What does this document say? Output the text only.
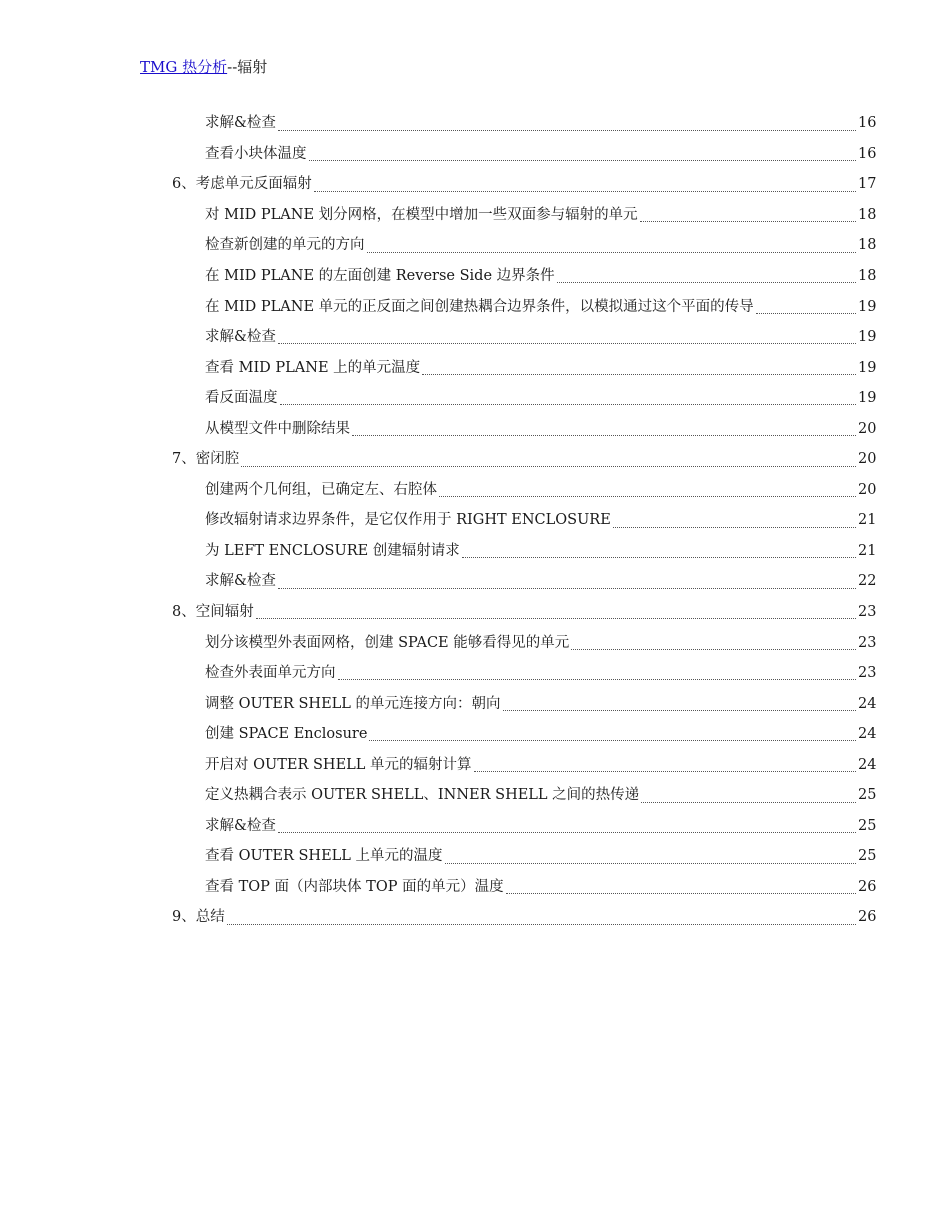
TMG 热分析--辐射
求解&检查	16
查看小块体温度	16
6、考虑单元反面辐射	17
对 MID PLANE 划分网格，在模型中增加一些双面参与辐射的单元	18
检查新创建的单元的方向	18
在 MID PLANE 的左面创建 Reverse Side 边界条件	18
在 MID PLANE 单元的正反面之间创建热耦合边界条件，以模拟通过这个平面的传导	19
求解&检查	19
查看 MID PLANE 上的单元温度	19
看反面温度	19
从模型文件中删除结果	20
7、密闭腔	20
创建两个几何组，已确定左、右腔体	20
修改辐射请求边界条件，是它仅作用于 RIGHT ENCLOSURE	21
为 LEFT ENCLOSURE 创建辐射请求	21
求解&检查	22
8、空间辐射	23
划分该模型外表面网格，创建 SPACE 能够看得见的单元	23
检查外表面单元方向	23
调整 OUTER SHELL 的单元连接方向：朝向	24
创建 SPACE Enclosure	24
开启对 OUTER SHELL 单元的辐射计算	24
定义热耦合表示 OUTER SHELL、INNER SHELL 之间的热传递	25
求解&检查	25
查看 OUTER SHELL 上单元的温度	25
查看 TOP 面（内部块体 TOP 面的单元）温度	26
9、总结	26
